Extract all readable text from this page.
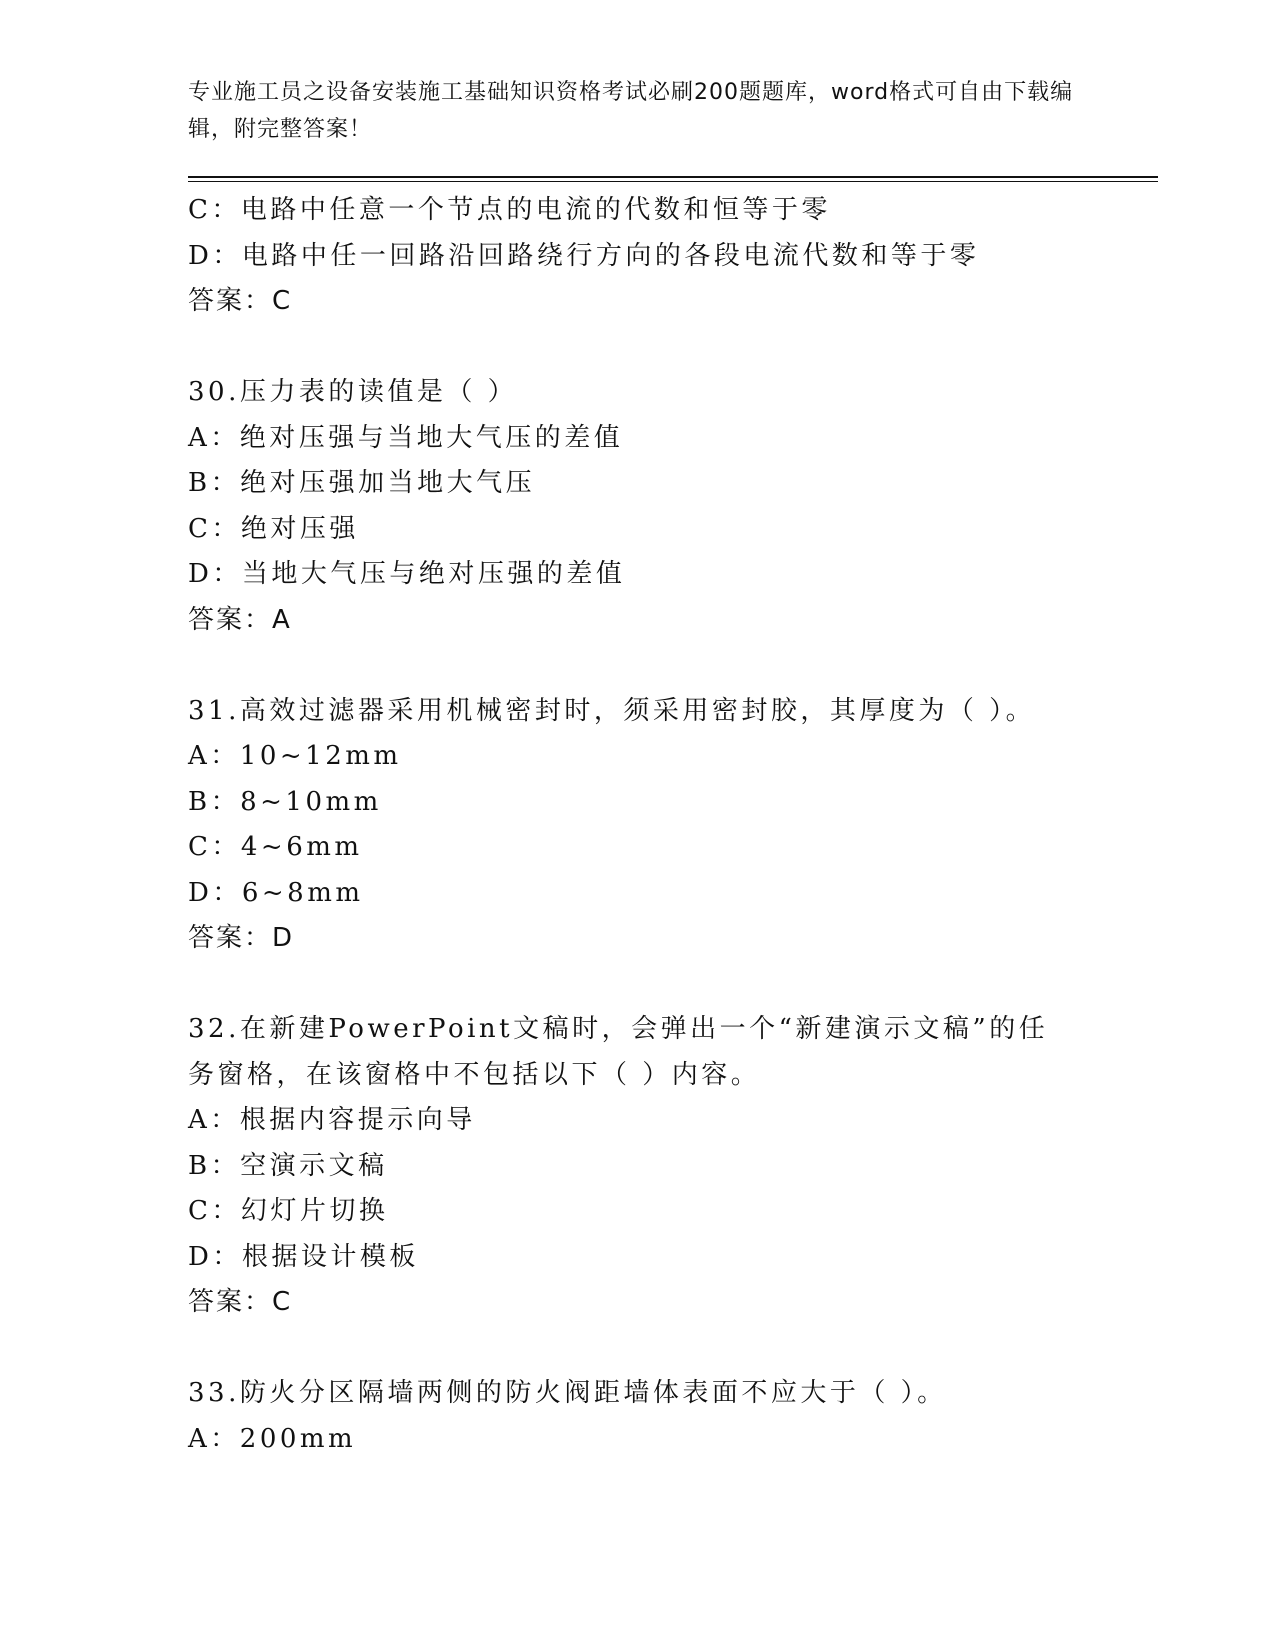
专业施工员之设备安装施工基础知识资格考试必刷200题题库，word格式可自由下载编辑，附完整答案！
C：电路中任意一个节点的电流的代数和恒等于零
D：电路中任一回路沿回路绕行方向的各段电流代数和等于零
答案：C
30.压力表的读值是（ ）
A：绝对压强与当地大气压的差值
B：绝对压强加当地大气压
C：绝对压强
D：当地大气压与绝对压强的差值
答案：A
31.高效过滤器采用机械密封时，须采用密封胶，其厚度为（ ）。
A：10~12mm
B：8~10mm
C：4~6mm
D：6~8mm
答案：D
32.在新建PowerPoint文稿时，会弹出一个“新建演示文稿”的任务窗格，在该窗格中不包括以下（ ）内容。
A：根据内容提示向导
B：空演示文稿
C：幻灯片切换
D：根据设计模板
答案：C
33.防火分区隔墙两侧的防火阀距墙体表面不应大于（ ）。
A：200mm
